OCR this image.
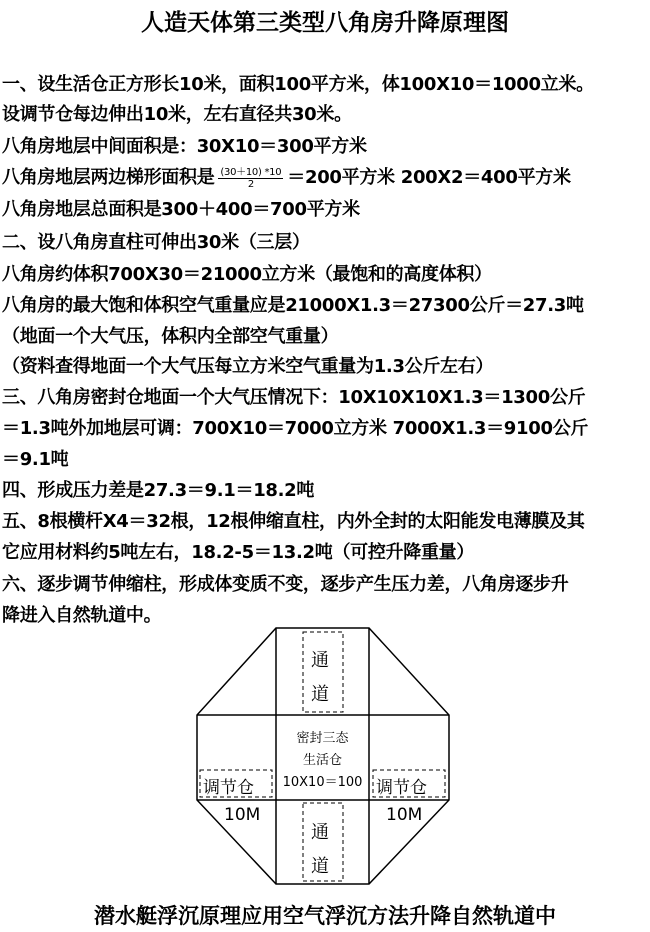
人造天体第三类型八角房升降原理图
一、设生活仓正方形长10米，面积100平方米，体100X10＝1000立米。
设调节仓每边伸出10米，左右直径共30米。
八角房地层中间面积是：30X10＝300平方米
八角房地层两边梯形面积是 $\frac{(30+10) *10}{2} =200$平方米 200X2＝400平方米
八角房地层总面积是300＋400＝700平方米
二、设八角房直柱可伸出30米（三层）
八角房约体积700X30＝21000立方米（最饱和的高度体积）
八角房的最大饱和体积空气重量应是21000X1.3＝27300公斤＝27.3吨
（地面一个大气压，体积内全部空气重量）
（资料查得地面一个大气压每立方米空气重量为1.3公斤左右）
三、八角房密封仓地面一个大气压情况下：10X10X10X1.3＝1300公斤
＝1.3吨外加地层可调：700X10＝7000立方米 7000X1.3＝9100公斤
＝9.1吨
四、形成压力差是27.3＝9.1＝18.2吨
五、8根横杆X4＝32根，12根伸缩直柱，内外全封的太阳能发电薄膜及其
它应用材料约5吨左右，18.2-5＝13.2吨（可控升降重量）
六、逐步调节伸缩柱，形成体变质不变，逐步产生压力差，八角房逐步升
降进入自然轨道中。
通
道
通
道
密封三态
生活仓
10X10＝100
调节仓
10M
调节仓
10M
潜水艇浮沉原理应用空气浮沉方法升降自然轨道中
